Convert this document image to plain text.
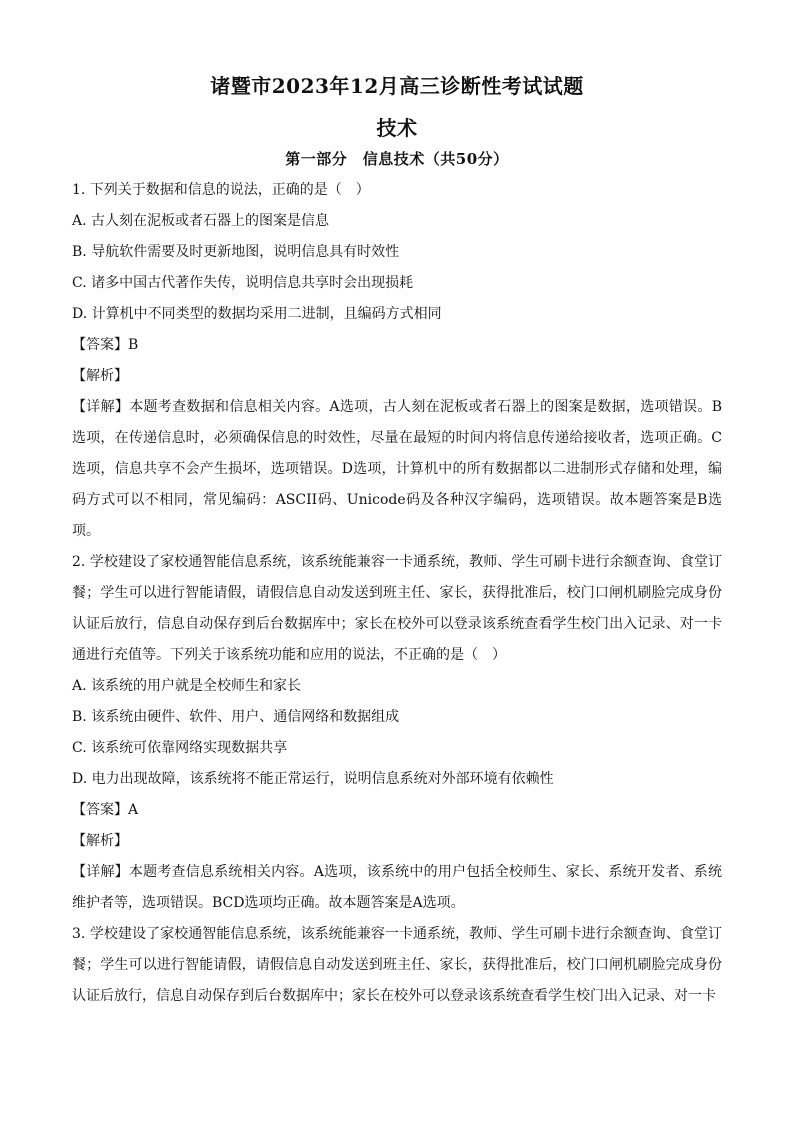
诸暨市2023年12月高三诊断性考试试题
技术
第一部分　信息技术（共50分）

1. 下列关于数据和信息的说法，正确的是（　）

A. 古人刻在泥板或者石器上的图案是信息

B. 导航软件需要及时更新地图，说明信息具有时效性

C. 诸多中国古代著作失传，说明信息共享时会出现损耗

D. 计算机中不同类型的数据均采用二进制，且编码方式相同

【答案】B

【解析】

【详解】本题考查数据和信息相关内容。A选项，古人刻在泥板或者石器上的图案是数据，选项错误。B选项，在传递信息时，必须确保信息的时效性，尽量在最短的时间内将信息传递给接收者，选项正确。C选项，信息共享不会产生损坏，选项错误。D选项，计算机中的所有数据都以二进制形式存储和处理，编码方式可以不相同，常见编码：ASCII码、Unicode码及各种汉字编码，选项错误。故本题答案是B选项。

2. 学校建设了家校通智能信息系统，该系统能兼容一卡通系统，教师、学生可刷卡进行余额查询、食堂订餐；学生可以进行智能请假，请假信息自动发送到班主任、家长，获得批准后，校门口闸机刷脸完成身份认证后放行，信息自动保存到后台数据库中；家长在校外可以登录该系统查看学生校门出入记录、对一卡通进行充值等。下列关于该系统功能和应用的说法，不正确的是（　）

A. 该系统的用户就是全校师生和家长

B. 该系统由硬件、软件、用户、通信网络和数据组成

C. 该系统可依靠网络实现数据共享

D. 电力出现故障，该系统将不能正常运行，说明信息系统对外部环境有依赖性

【答案】A

【解析】

【详解】本题考查信息系统相关内容。A选项，该系统中的用户包括全校师生、家长、系统开发者、系统维护者等，选项错误。BCD选项均正确。故本题答案是A选项。

3. 学校建设了家校通智能信息系统，该系统能兼容一卡通系统，教师、学生可刷卡进行余额查询、食堂订餐；学生可以进行智能请假，请假信息自动发送到班主任、家长，获得批准后，校门口闸机刷脸完成身份认证后放行，信息自动保存到后台数据库中；家长在校外可以登录该系统查看学生校门出入记录、对一卡
